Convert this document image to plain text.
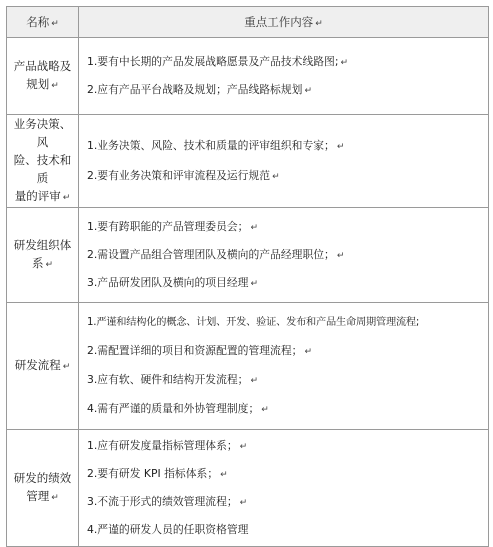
名称 ↵	重点工作内容 ↵
产品战略及
规划 ↵	1.要有中长期的产品发展战略愿景及产品技术线路图; ↵
2.应有产品平台战略及规划；产品线路标规划 ↵

业务决策、风
险、技术和质
量的评审 ↵	1.业务决策、风险、技术和质量的评审组织和专家； ↵
2.要有业务决策和评审流程及运行规范 ↵

研发组织体
系 ↵	1.要有跨职能的产品管理委员会； ↵
2.需设置产品组合管理团队及横向的产品经理职位； ↵
3.产品研发团队及横向的项目经理 ↵

研发流程 ↵	1.严谨和结构化的概念、计划、开发、验证、发布和产品生命周期管理流程;
2.需配置详细的项目和资源配置的管理流程； ↵
3.应有软、硬件和结构开发流程； ↵
4.需有严谨的质量和外协管理制度； ↵

研发的绩效
管理 ↵	1.应有研发度量指标管理体系； ↵
2.要有研发 KPI 指标体系； ↵
3.不流于形式的绩效管理流程； ↵
4.严谨的研发人员的任职资格管理
